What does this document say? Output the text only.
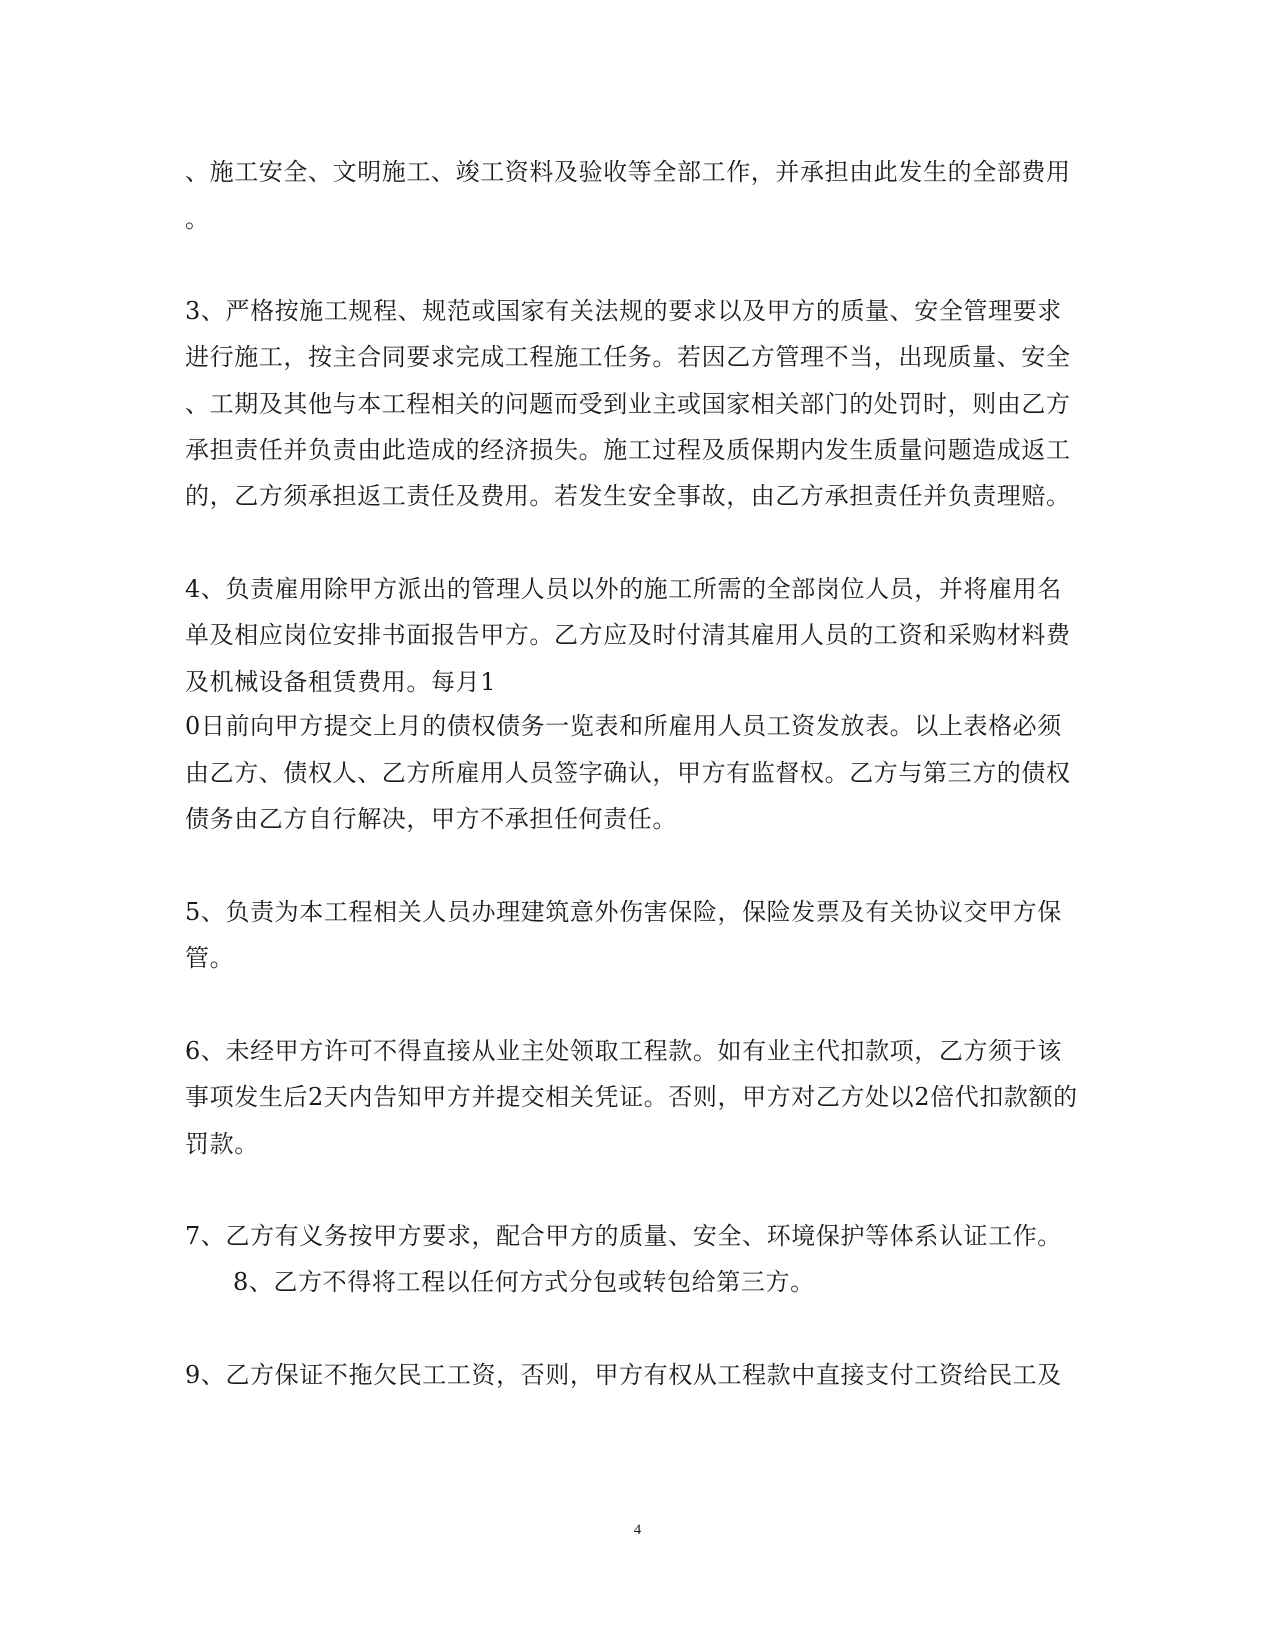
、施工安全、文明施工、竣工资料及验收等全部工作，并承担由此发生的全部费用
。
3、严格按施工规程、规范或国家有关法规的要求以及甲方的质量、安全管理要求
进行施工，按主合同要求完成工程施工任务。若因乙方管理不当，出现质量、安全
、工期及其他与本工程相关的问题而受到业主或国家相关部门的处罚时，则由乙方
承担责任并负责由此造成的经济损失。施工过程及质保期内发生质量问题造成返工
的，乙方须承担返工责任及费用。若发生安全事故，由乙方承担责任并负责理赔。
4、负责雇用除甲方派出的管理人员以外的施工所需的全部岗位人员，并将雇用名
单及相应岗位安排书面报告甲方。乙方应及时付清其雇用人员的工资和采购材料费
及机械设备租赁费用。每月1
0日前向甲方提交上月的债权债务一览表和所雇用人员工资发放表。以上表格必须
由乙方、债权人、乙方所雇用人员签字确认，甲方有监督权。乙方与第三方的债权
债务由乙方自行解决，甲方不承担任何责任。
5、负责为本工程相关人员办理建筑意外伤害保险，保险发票及有关协议交甲方保
管。
6、未经甲方许可不得直接从业主处领取工程款。如有业主代扣款项，乙方须于该
事项发生后2天内告知甲方并提交相关凭证。否则，甲方对乙方处以2倍代扣款额的
罚款。
7、乙方有义务按甲方要求，配合甲方的质量、安全、环境保护等体系认证工作。
8、乙方不得将工程以任何方式分包或转包给第三方。
9、乙方保证不拖欠民工工资，否则，甲方有权从工程款中直接支付工资给民工及
4
